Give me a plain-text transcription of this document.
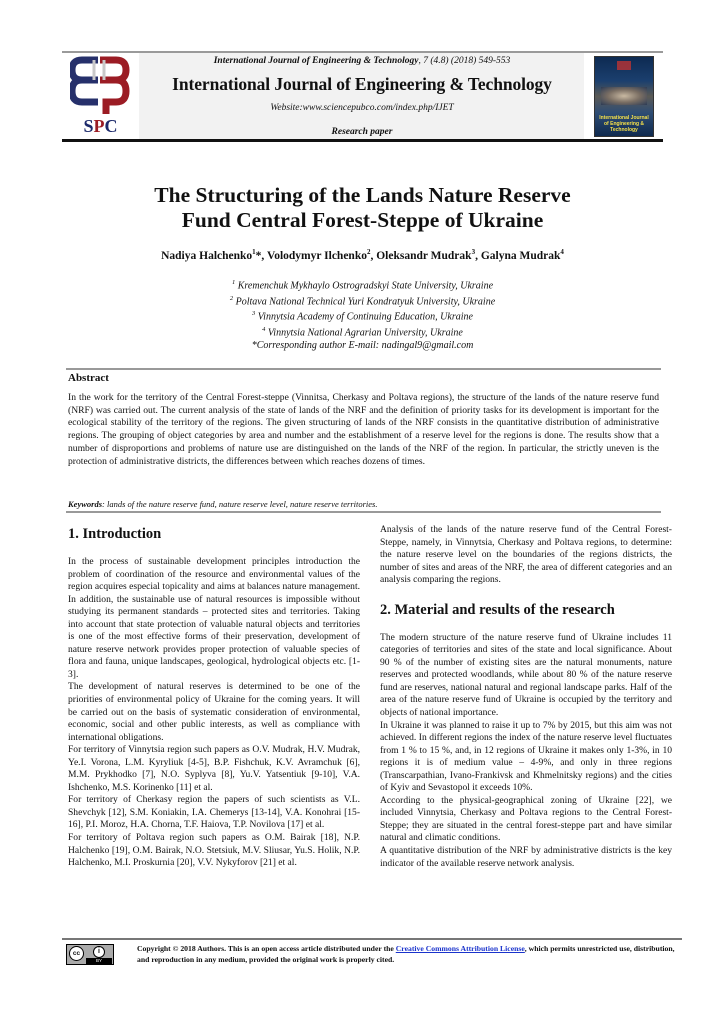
SPC	International Journal of Engineering & Technology
International Journal of Engineering & Technology, 7 (4.8) (2018) 549-553
International Journal of Engineering & Technology
Website:www.sciencepubco.com/index.php/IJET
Research paper
The Structuring of the Lands Nature Reserve
Fund Central Forest-Steppe of Ukraine
Nadiya Halchenko$^1$*, Volodymyr Ilchenko$^2$, Oleksandr Mudrak$^3$, Galyna Mudrak$^4$
$^1$ Kremenchuk Mykhaylo Ostrogradskyi State University, Ukraine
$^2$ Poltava National Technical Yuri Kondratyuk University, Ukraine
$^3$ Vinnytsia Academy of Continuing Education, Ukraine
$^4$ Vinnytsia National Agrarian University, Ukraine
*Corresponding author E-mail: nadingal9@gmail.com
Abstract
In the work for the territory of the Central Forest-steppe (Vinnitsa, Cherkasy and Poltava regions), the structure of the lands of the nature reserve fund (NRF) was carried out. The current analysis of the state of lands of the NRF and the definition of priority tasks for its development is important for the ecological stability of the territory of the regions. The given structuring of lands of the NRF consists in the quantitative distribution of administrative regions. The grouping of object categories by area and number and the establishment of a reserve level for the regions is done. The results show that a number of disproportions and problems of nature use are distinguished on the lands of the NRF of the region. In particular, the strictly uneven is the protection of administrative districts, the differences between which reaches dozens of times.
Keywords: lands of the nature reserve fund, nature reserve level, nature reserve territories.
1. Introduction

In the process of sustainable development principles introduction the problem of coordination of the resource and environmental values of the region acquires especial topicality and aims at balances nature management. In addition, the sustainable use of natural resources is impossible without studying its permanent standards – protected sites and territories. Taking into account that state protection of valuable natural objects and territories is one of the most effective forms of their preservation, development of nature reserve network provides proper protection of valuable species of flora and fauna, unique landscapes, geological, hydrological objects etc. [1-3].

The development of natural reserves is determined to be one of the priorities of environmental policy of Ukraine for the coming years. It will be carried out on the basis of systematic consideration of environmental, economic, social and other public interests, as well as compliance with international obligations.

For territory of Vinnytsia region such papers as O.V. Mudrak, H.V. Mudrak, Ye.I. Vorona, L.M. Kyryliuk [4-5], B.P. Fishchuk, K.V. Avramchuk [6], M.M. Prykhodko [7], N.O. Syplyva [8], Yu.V. Yatsentiuk [9-10], V.A. Ishchenko, M.S. Korinenko [11] et al.

For territory of Cherkasy region the papers of such scientists as V.L. Shevchyk [12], S.M. Koniakin, I.A. Chemerys [13-14], V.A. Konohrai [15-16], P.I. Moroz, H.A. Chorna, T.F. Haiova, T.P. Novilova [17] et al.

For territory of Poltava region such papers as O.M. Bairak [18], N.P. Halchenko [19], O.M. Bairak, N.O. Stetsiuk, M.V. Sliusar, Yu.S. Holik, N.P. Halchenko, M.I. Proskurnia [20], V.V. Nykyforov [21] et al.

Analysis of the lands of the nature reserve fund of the Central Forest-Steppe, namely, in Vinnytsia, Cherkasy and Poltava regions, to determine: the nature reserve level on the boundaries of the regions districts, the number of sites and areas of the NRF, the area of different categories and an analysis comparing the regions.

2. Material and results of the research

The modern structure of the nature reserve fund of Ukraine includes 11 categories of territories and sites of the state and local significance. About 90 % of the number of existing sites are the natural monuments, nature reserves and protected woodlands, while about 80 % of the nature reserve fund are reserves, national natural and regional landscape parks. Half of the area of the nature reserve fund of Ukraine is occupied by the territory and objects of national importance.

In Ukraine it was planned to raise it up to 7% by 2015, but this aim was not achieved. In different regions the index of the nature reserve level fluctuates from 1 % to 15 %, and, in 12 regions of Ukraine it makes only 1-3%, in 10 regions it is of medium value – 4-9%, and only in three regions (Transcarpathian, Ivano-Frankivsk and Khmelnitsky regions) and the cities of Kyiv and Sevastopol it exceeds 10%.

According to the physical-geographical zoning of Ukraine [22], we included Vinnytsia, Cherkasy and Poltava regions to the Central Forest-Steppe; they are situated in the central forest-steppe part and have similar natural and climatic conditions.

A quantitative distribution of the NRF by administrative districts is the key indicator of the available reserve network analysis.

cc	i
BY
Copyright © 2018 Authors. This is an open access article distributed under the Creative Commons Attribution License, which permits unrestricted use, distribution, and reproduction in any medium, provided the original work is properly cited.
